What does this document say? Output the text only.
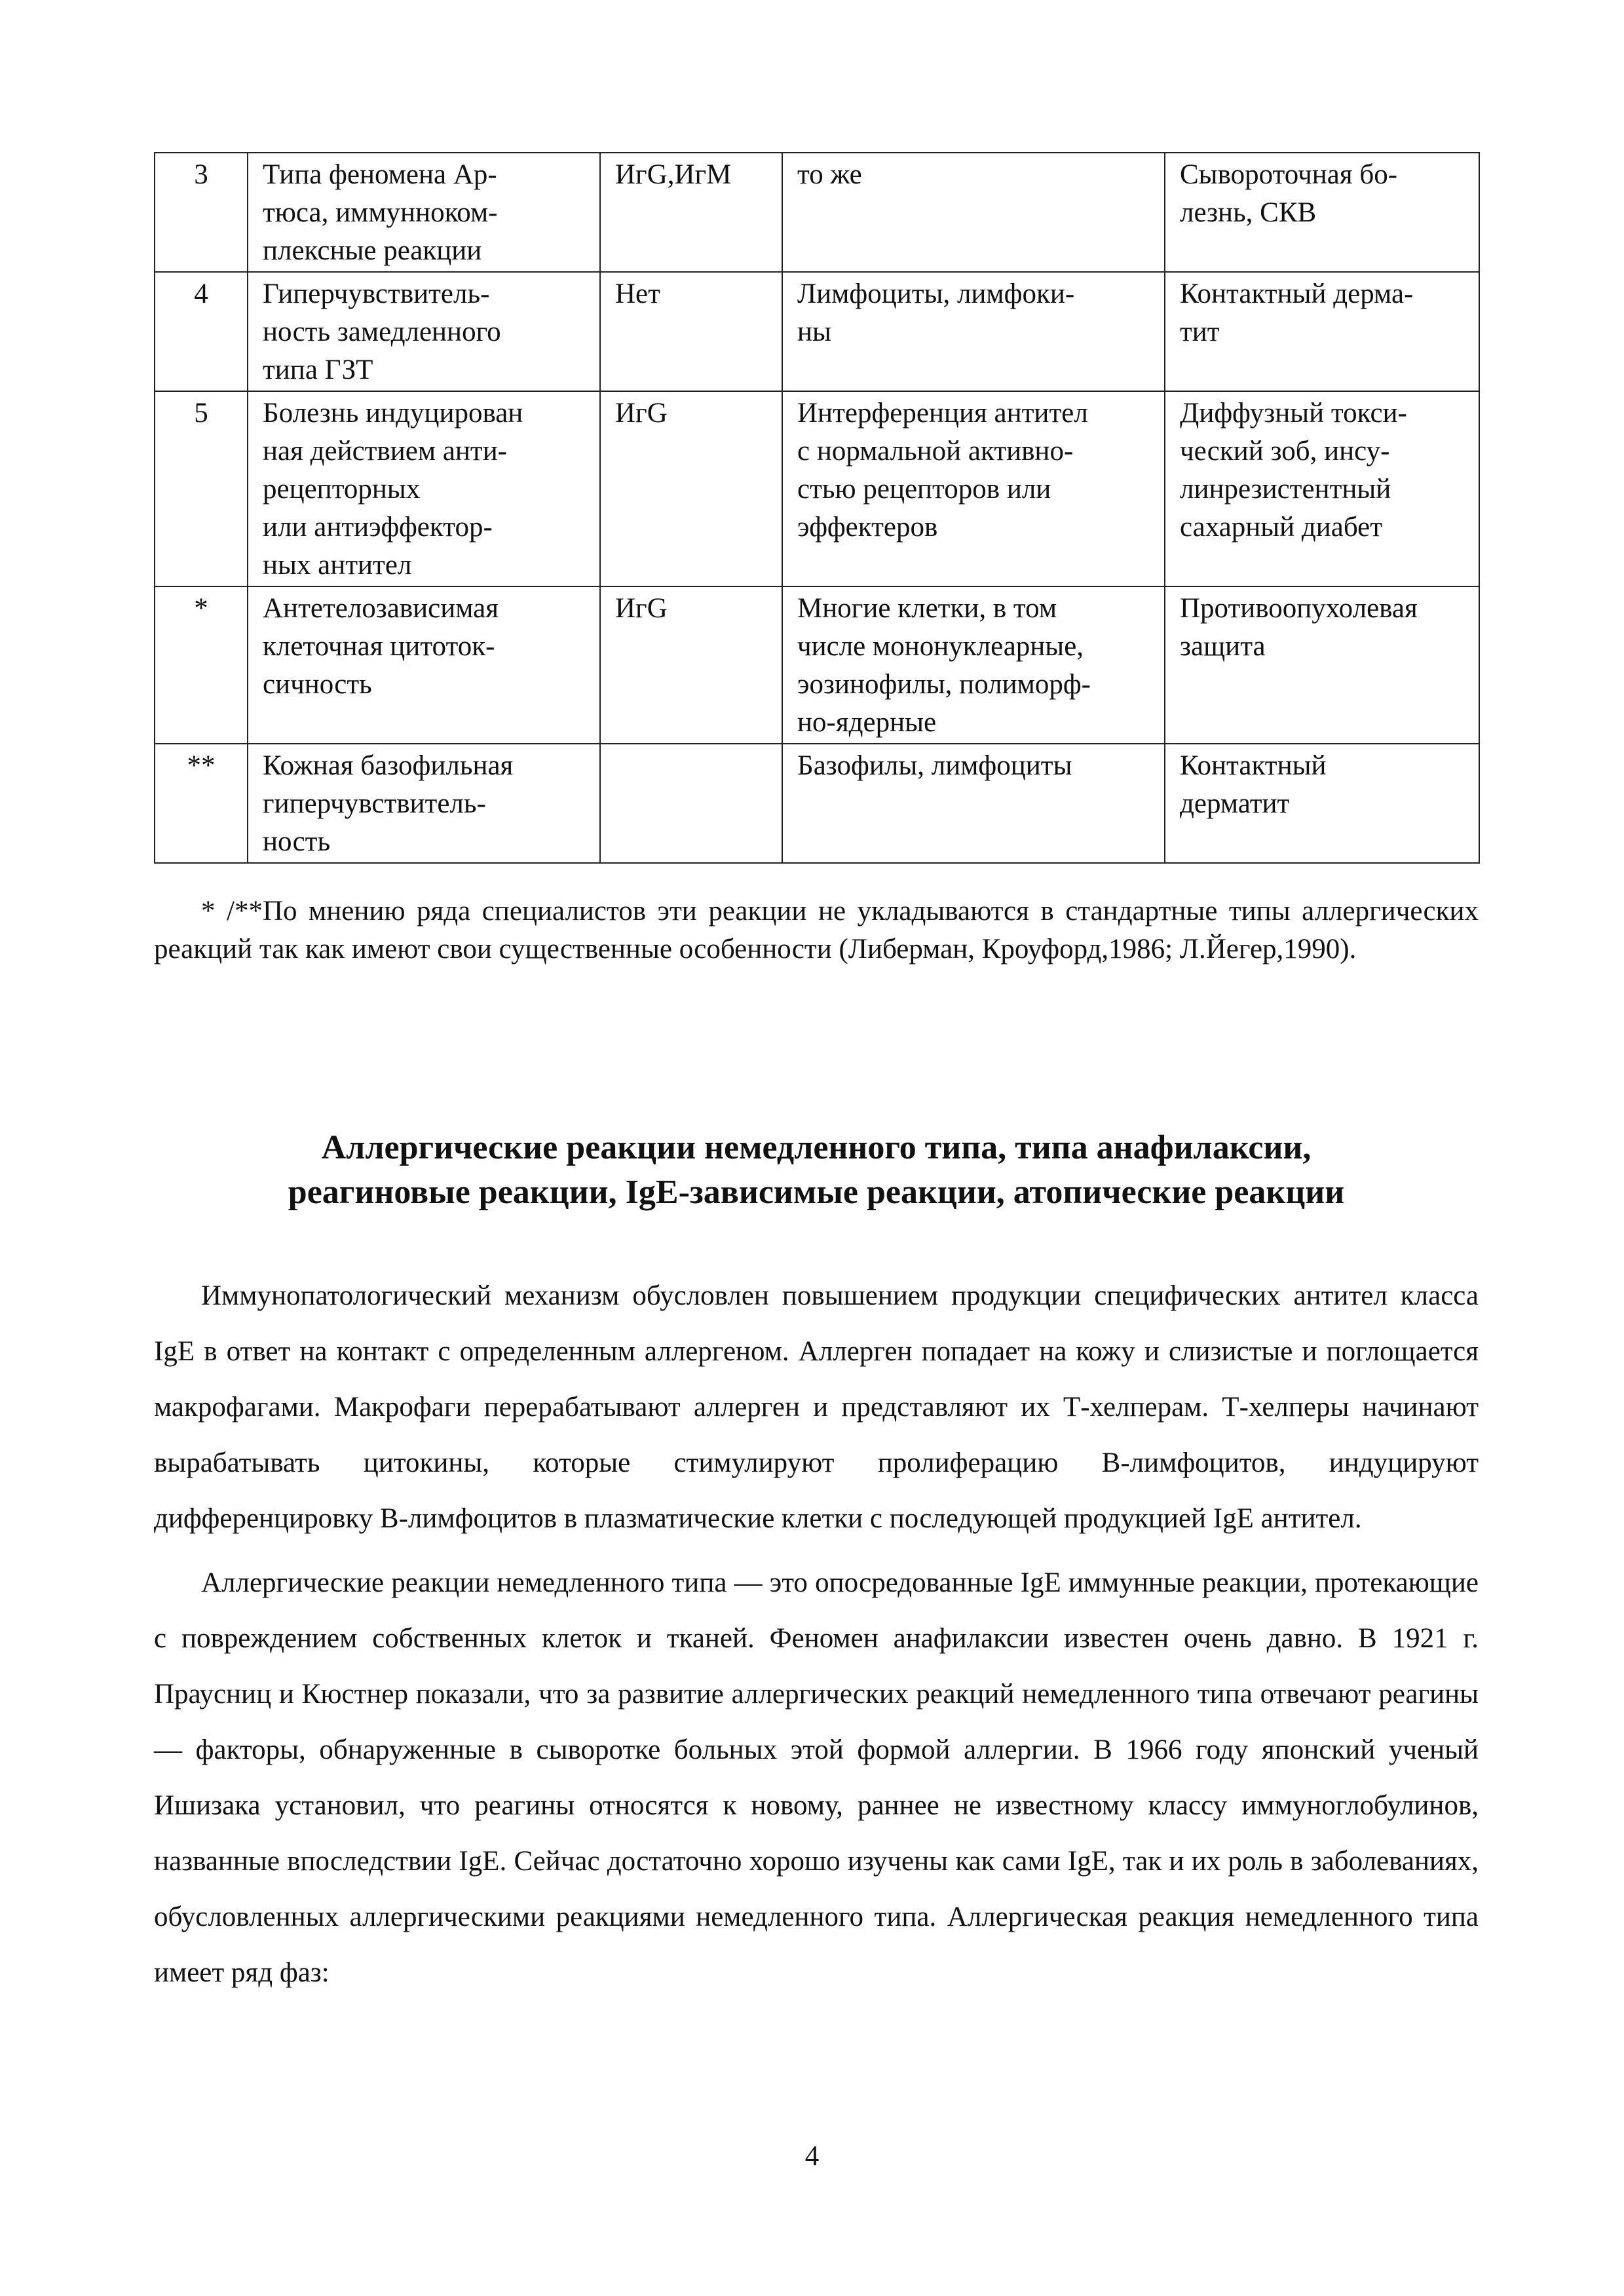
3	Типа феномена Ар-
тюса, иммунноком-
плексные реакции	ИгG,ИгМ	то же	Сывороточная бо-
лезнь, СКВ
4	Гиперчувствитель-
ность замедленного
типа ГЗТ	Нет	Лимфоциты, лимфоки-
ны	Контактный дерма-
тит
5	Болезнь индуцирован
ная действием анти-
рецепторных
или антиэффектор-
ных антител	ИгG	Интерференция антител
с нормальной активно-
стью рецепторов или
эффектеров	Диффузный токси-
ческий зоб, инсу-
линрезистентный
сахарный диабет
*	Антетелозависимая
клеточная цитоток-
сичность	ИгG	Многие клетки, в том
числе мононуклеарные,
эозинофилы, полиморф-
но-ядерные	Противоопухолевая
защита
**	Кожная базофильная
гиперчувствитель-
ность		Базофилы, лимфоциты	Контактный
дерматит

* /**По мнению ряда специалистов эти реакции не укладываются в стандартные типы аллергических реакций так как имеют свои существенные особенности (Либерман, Кроуфорд,1986; Л.Йегер,1990).

Аллергические реакции немедленного типа, типа анафилаксии,
реагиновые реакции, IgE-зависимые реакции, атопические реакции

Иммунопатологический механизм обусловлен повышением продукции специфических антител класса IgE в ответ на контакт с определенным аллергеном. Аллерген попадает на кожу и слизистые и поглощается макрофагами. Макрофаги перерабатывают аллерген и представляют их Т-хелперам. Т-хелперы начинают вырабатывать цитокины, которые стимулируют пролиферацию В-лимфоцитов, индуцируют дифференцировку В-лимфоцитов в плазматические клетки с последующей продукцией IgE антител.

Аллергические реакции немедленного типа — это опосредованные IgE иммунные реакции, протекающие с повреждением собственных клеток и тканей. Феномен анафилаксии известен очень давно. В 1921 г. Праусниц и Кюстнер показали, что за развитие аллергических реакций немедленного типа отвечают реагины — факторы, обнаруженные в сыворотке больных этой формой аллергии. В 1966 году японский ученый Ишизака установил, что реагины относятся к новому, раннее не известному классу иммуноглобулинов, названные впоследствии IgE. Сейчас достаточно хорошо изучены как сами IgE, так и их роль в заболеваниях, обусловленных аллергическими реакциями немедленного типа. Аллергическая реакция немедленного типа имеет ряд фаз:

4
